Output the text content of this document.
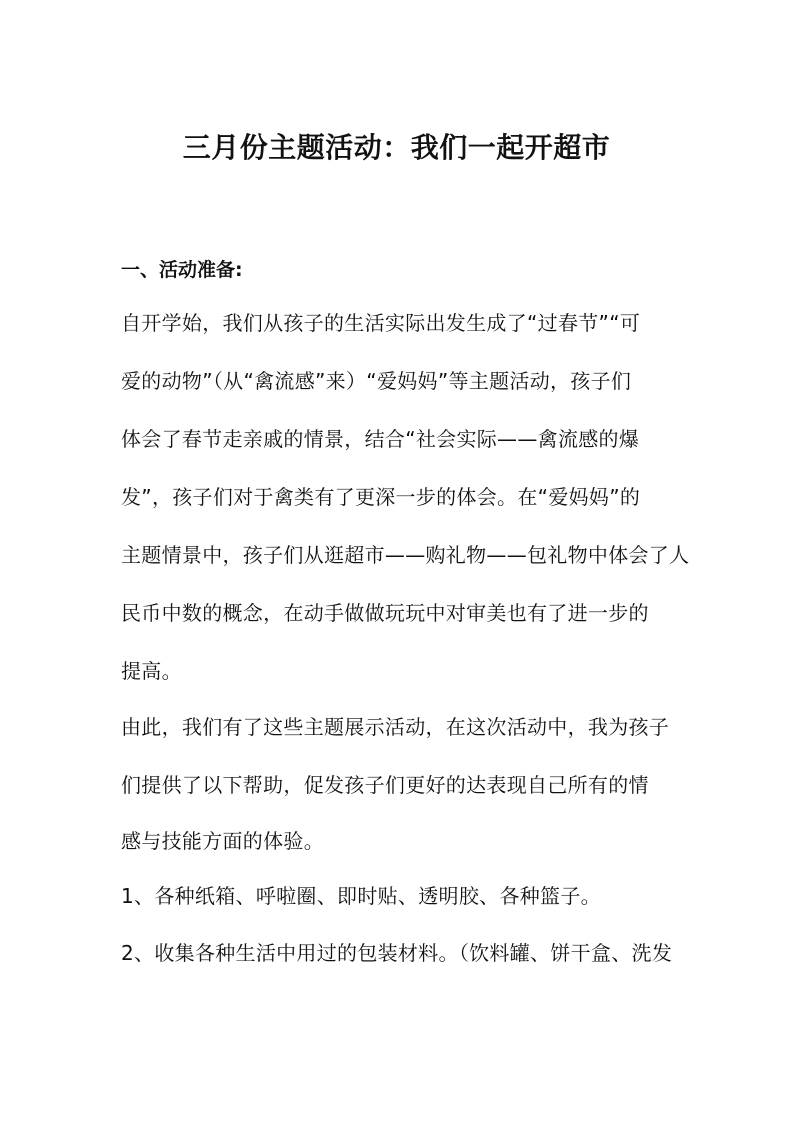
三月份主题活动：我们一起开超市
一、活动准备:
自开学始，我们从孩子的生活实际出发生成了“过春节”“可
爱的动物”（从“禽流感”来）“爱妈妈”等主题活动，孩子们
体会了春节走亲戚的情景，结合“社会实际——禽流感的爆
发”，孩子们对于禽类有了更深一步的体会。在“爱妈妈”的
主题情景中，孩子们从逛超市——购礼物——包礼物中体会了人
民币中数的概念，在动手做做玩玩中对审美也有了进一步的
提高。
由此，我们有了这些主题展示活动，在这次活动中，我为孩子
们提供了以下帮助，促发孩子们更好的达表现自己所有的情
感与技能方面的体验。
1、各种纸箱、呼啦圈、即时贴、透明胶、各种篮子。
2、收集各种生活中用过的包装材料。（饮料罐、饼干盒、洗发
